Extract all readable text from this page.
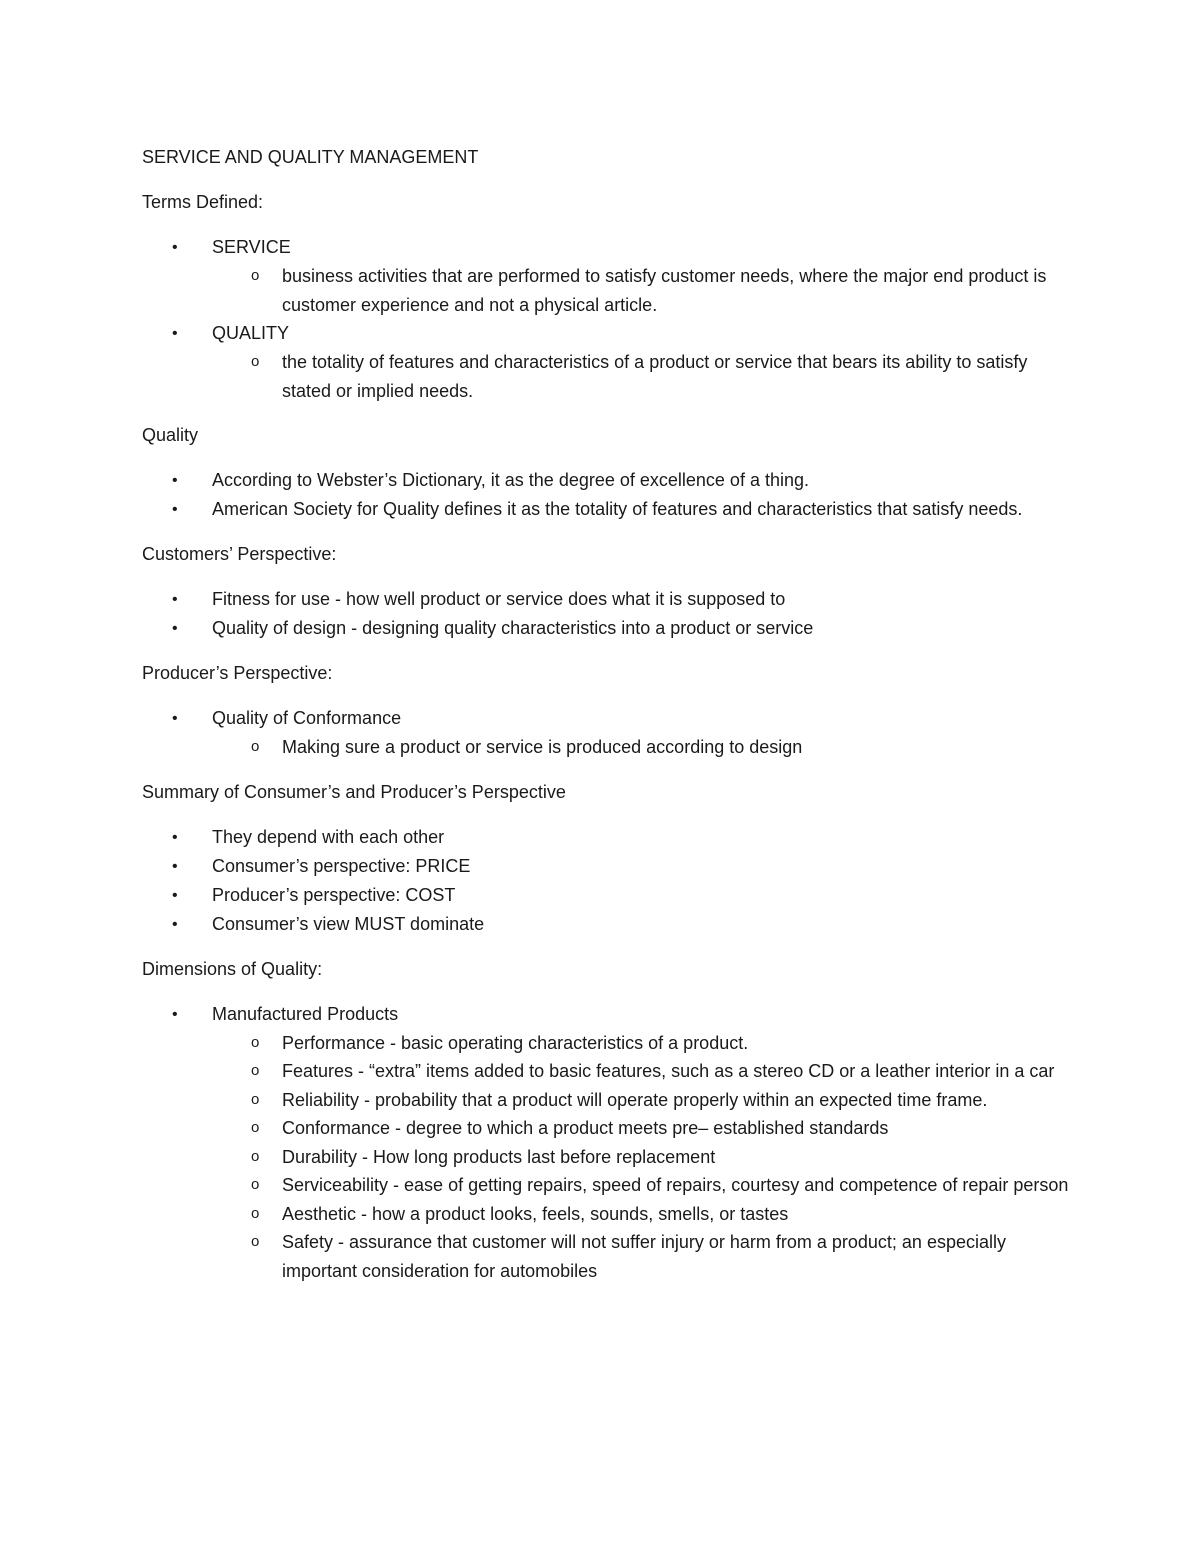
SERVICE AND QUALITY MANAGEMENT

Terms Defined:

• SERVICE
o business activities that are performed to satisfy customer needs, where the major end product is customer experience and not a physical article.
• QUALITY
o the totality of features and characteristics of a product or service that bears its ability to satisfy stated or implied needs.

Quality

• According to Webster’s Dictionary, it as the degree of excellence of a thing.
• American Society for Quality defines it as the totality of features and characteristics that satisfy needs.

Customers’ Perspective:

• Fitness for use - how well product or service does what it is supposed to
• Quality of design - designing quality characteristics into a product or service

Producer’s Perspective:

• Quality of Conformance
o Making sure a product or service is produced according to design

Summary of Consumer’s and Producer’s Perspective

• They depend with each other
• Consumer’s perspective: PRICE
• Producer’s perspective: COST
• Consumer’s view MUST dominate

Dimensions of Quality:

• Manufactured Products
o Performance - basic operating characteristics of a product.
o Features - “extra” items added to basic features, such as a stereo CD or a leather interior in a car
o Reliability - probability that a product will operate properly within an expected time frame.
o Conformance - degree to which a product meets pre– established standards
o Durability - How long products last before replacement
o Serviceability - ease of getting repairs, speed of repairs, courtesy and competence of repair person
o Aesthetic - how a product looks, feels, sounds, smells, or tastes
o Safety - assurance that customer will not suffer injury or harm from a product; an especially important consideration for automobiles
